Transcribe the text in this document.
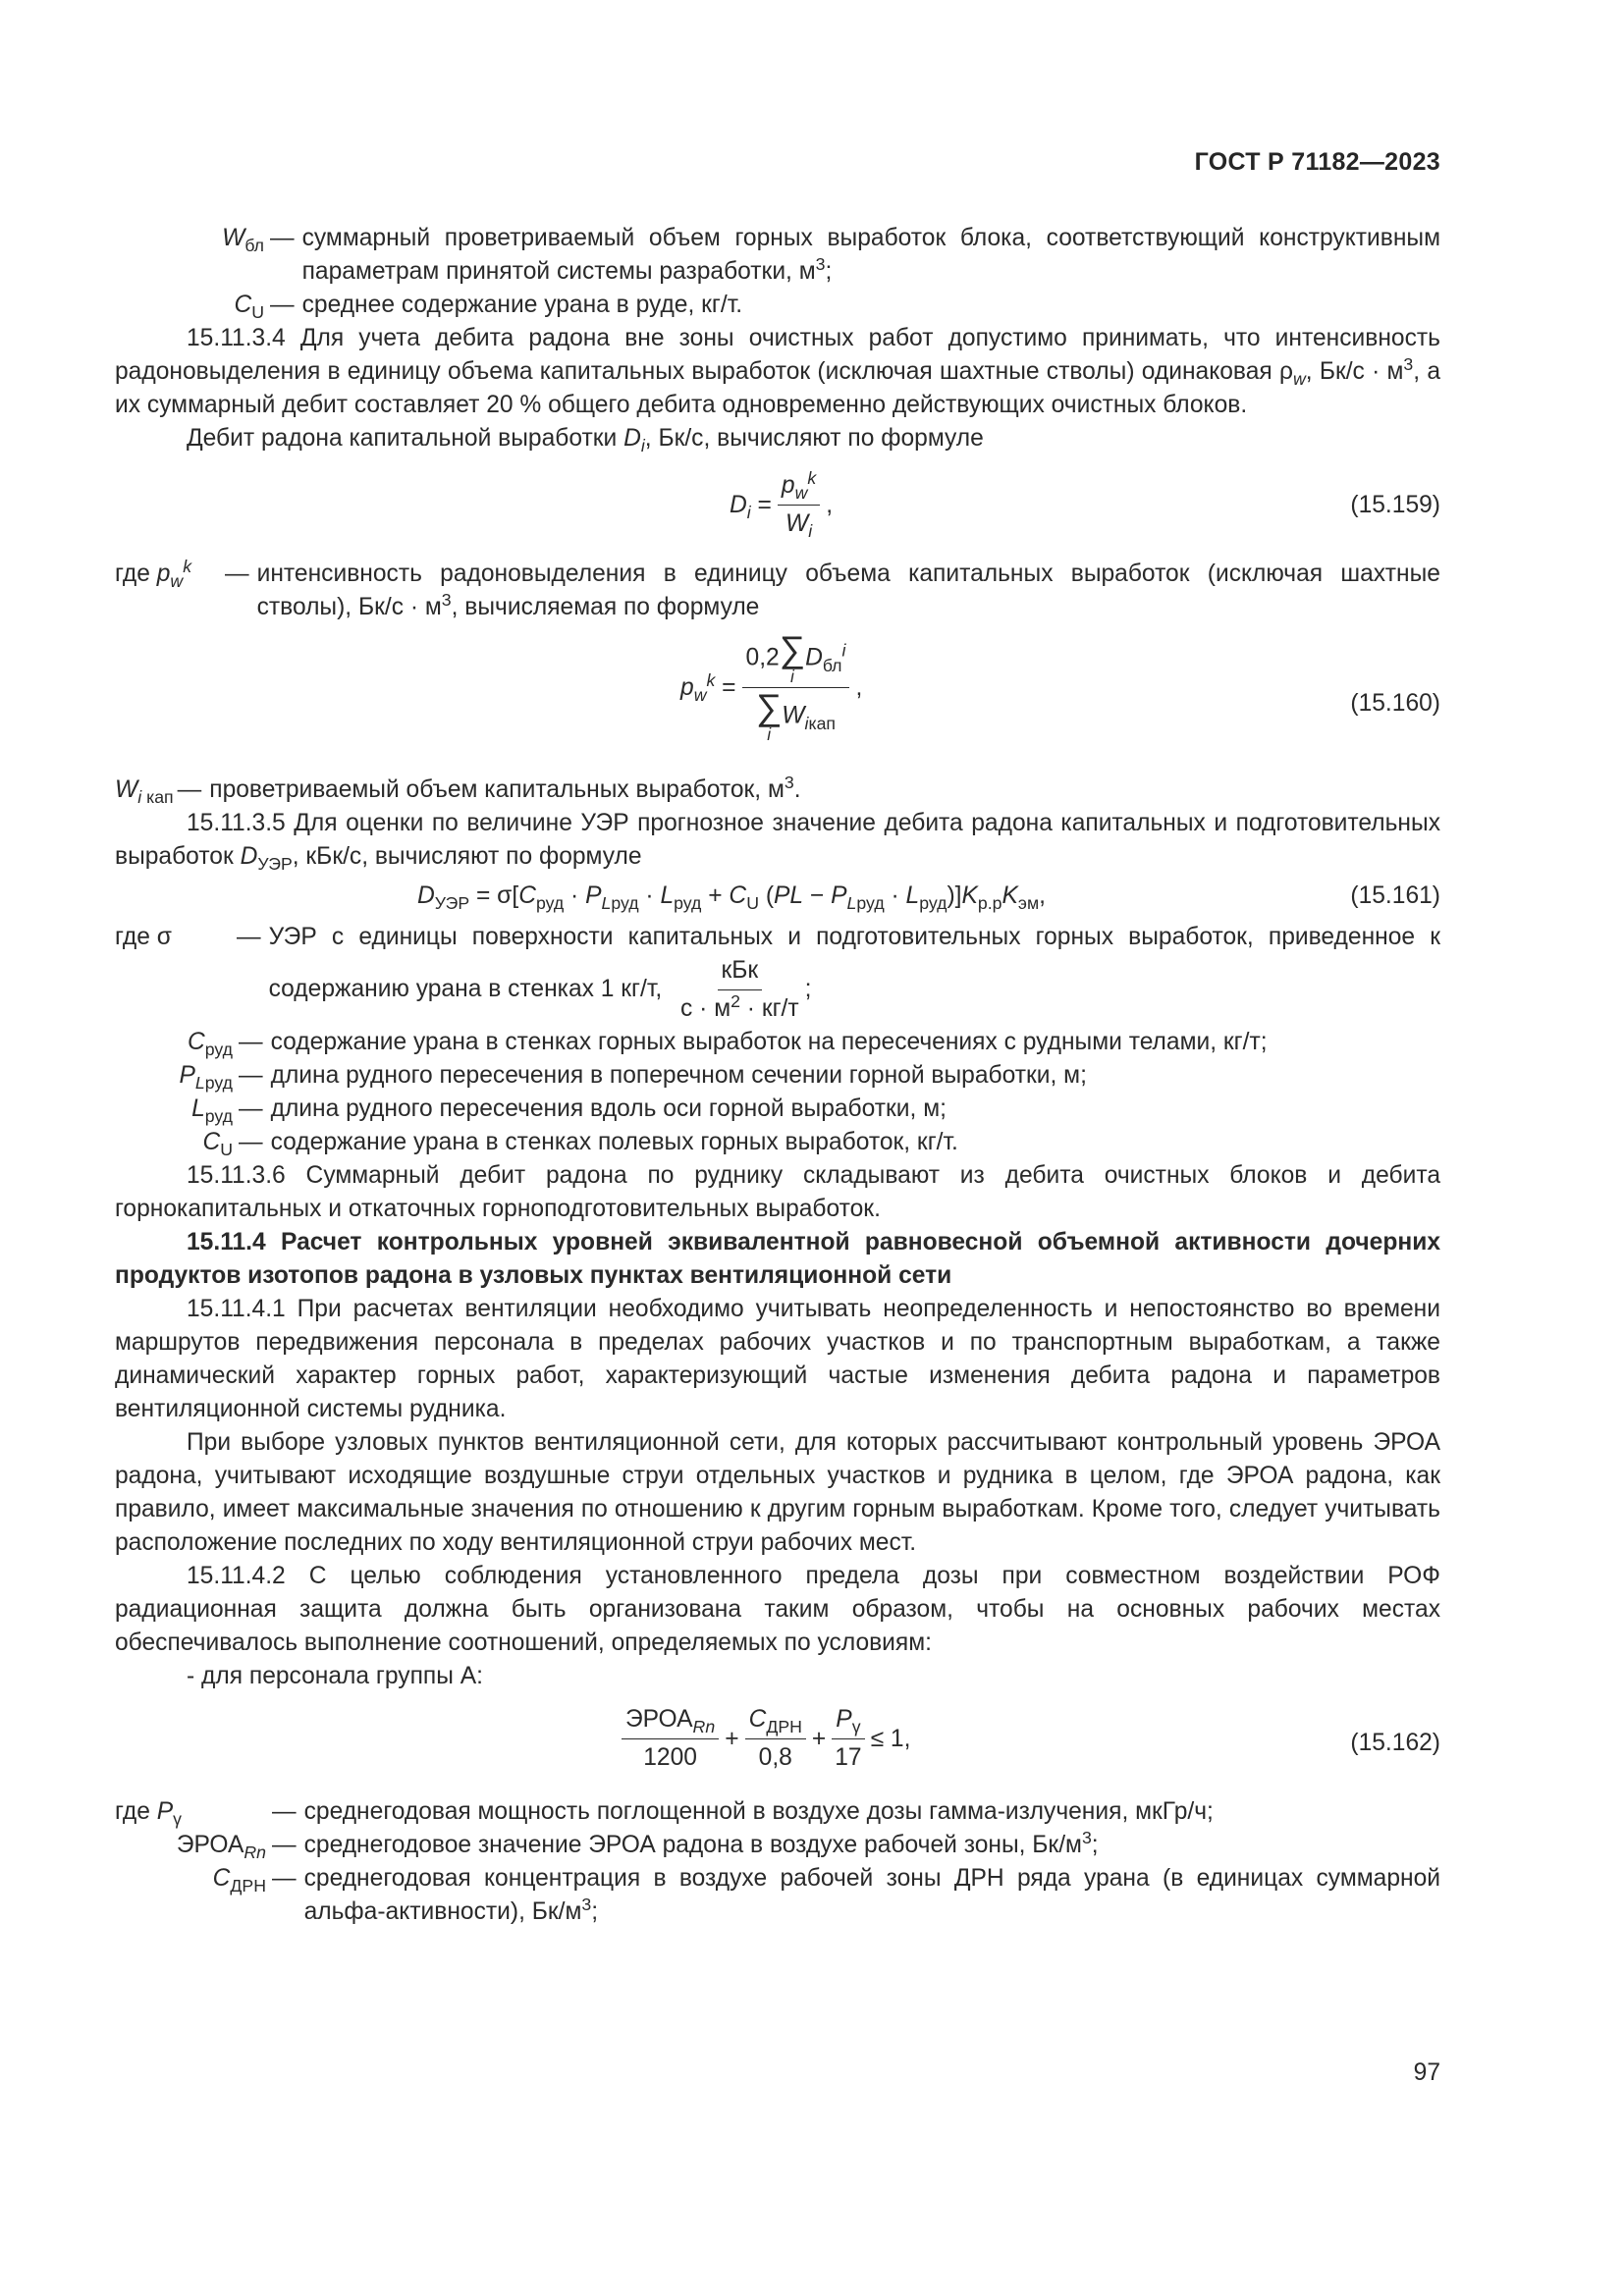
ГОСТ Р 71182—2023
$W_{бл}$ — суммарный проветриваемый объем горных выработок блока, соответствующий конструктивным параметрам принятой системы разработки, $м^3$;
$C_U$ — среднее содержание урана в руде, кг/т.

15.11.3.4 Для учета дебита радона вне зоны очистных работ допустимо принимать, что интенсивность радоновыделения в единицу объема капитальных выработок (исключая шахтные стволы) одинаковая $\rho_w$, $Бк/с \cdot м^3$, а их суммарный дебит составляет 20 % общего дебита одновременно действующих очистных блоков.

Дебит радона капитальной выработки $D_i$, Бк/с, вычисляют по формуле

$D_i = \frac{p_w^k}{W_i}$ ,	(15.159)
где $p_w^k$	— интенсивность радоновыделения в единицу объема капитальных выработок (исключая шахтные стволы), $Бк/с \cdot м^3$, вычисляемая по формуле
$p_w^k = 0,2$ ∑
i
$D_{бл}^i$
∑
i
$W_{iкап}$ ,
(15.160)
$W_{i кап}$ — проветриваемый объем капитальных выработок, $м^3$.

15.11.3.5 Для оценки по величине УЭР прогнозное значение дебита радона капитальных и подготовительных выработок $D_{УЭР}$, кБк/с, вычисляют по формуле

$D_{УЭР} = \sigma[C_{руд} \cdot P_{Lруд} \cdot L_{руд} + C_U$ $(PL - P_{Lруд} \cdot L_{руд})]K_{р.р}K_{эм}$,	(15.161)
где σ	— УЭР с единицы поверхности капитальных и подготовительных горных выработок, приведенное к содержанию урана в стенках 1 кг/т, $\frac{\text{кБк}}{с \cdot м^2 \cdot кг/т}$ ;
$C_{руд}$ — содержание урана в стенках горных выработок на пересечениях с рудными телами, кг/т;
$P_{Lруд}$ — длина рудного пересечения в поперечном сечении горной выработки, м;
$L_{руд}$ — длина рудного пересечения вдоль оси горной выработки, м;
$C_U$ — содержание урана в стенках полевых горных выработок, кг/т.

15.11.3.6 Суммарный дебит радона по руднику складывают из дебита очистных блоков и дебита горнокапитальных и откаточных горноподготовительных выработок.

15.11.4 Расчет контрольных уровней эквивалентной равновесной объемной активности дочерних продуктов изотопов радона в узловых пунктах вентиляционной сети

15.11.4.1 При расчетах вентиляции необходимо учитывать неопределенность и непостоянство во времени маршрутов передвижения персонала в пределах рабочих участков и по транспортным выработкам, а также динамический характер горных работ, характеризующий частые изменения дебита радона и параметров вентиляционной системы рудника.

При выборе узловых пунктов вентиляционной сети, для которых рассчитывают контрольный уровень ЭРОА радона, учитывают исходящие воздушные струи отдельных участков и рудника в целом, где ЭРОА радона, как правило, имеет максимальные значения по отношению к другим горным выработкам. Кроме того, следует учитывать расположение последних по ходу вентиляционной струи рабочих мест.

15.11.4.2 С целью соблюдения установленного предела дозы при совместном воздействии РОФ радиационная защита должна быть организована таким образом, чтобы на основных рабочих местах обеспечивалось выполнение соотношений, определяемых по условиям:

- для персонала группы А:

$\frac{ЭРОА_{Rn}}{1200} + \frac{C_{ДРН}}{0,8} + \frac{P_\gamma}{17} \le 1$,	(15.162)
где $P_\gamma$	— среднегодовая мощность поглощенной в воздухе дозы гамма-излучения, мкГр/ч;
$ЭРОА_{Rn}$ — среднегодовое значение ЭРОА радона в воздухе рабочей зоны, $Бк/м^3$;
$C_{ДРН}$ — среднегодовая концентрация в воздухе рабочей зоны ДРН ряда урана (в единицах суммарной альфа-активности), $Бк/м^3$;
97
